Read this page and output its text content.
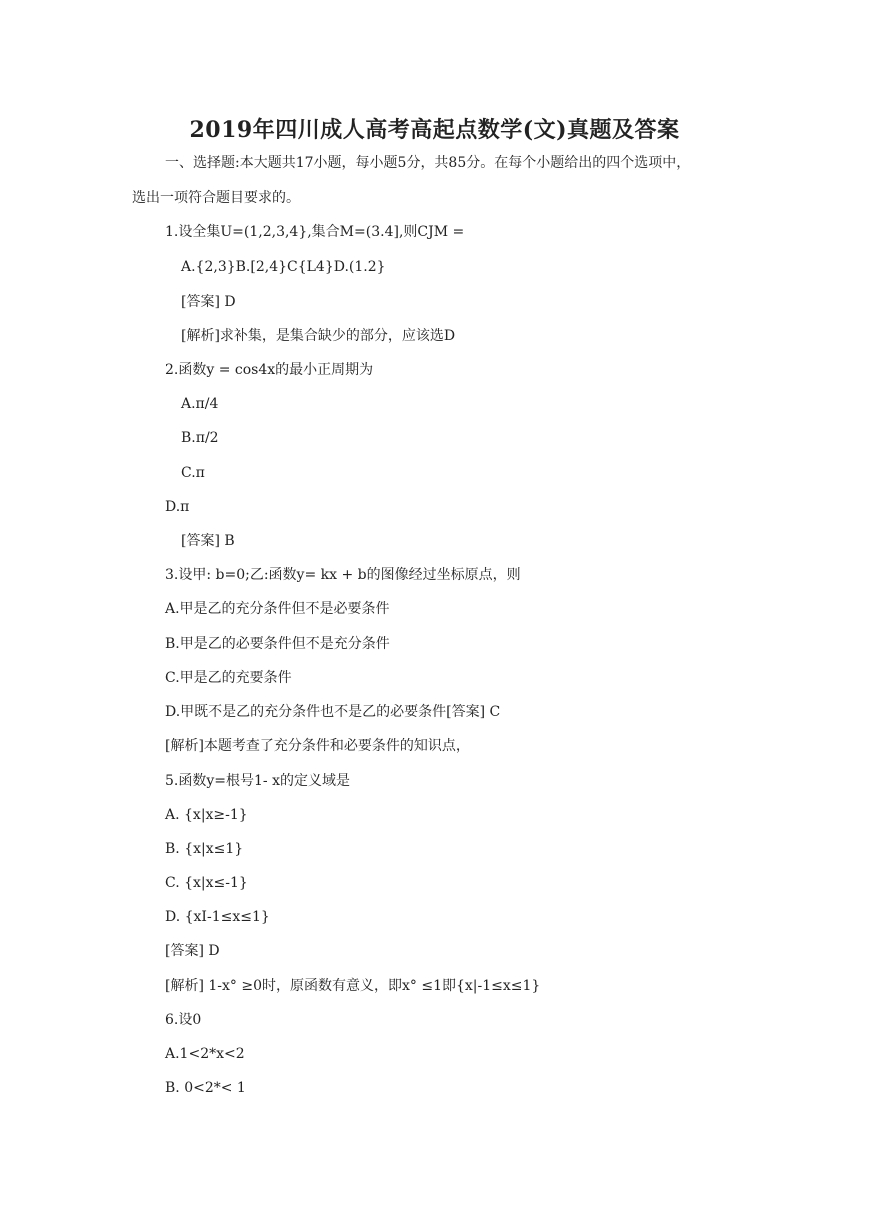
2019年四川成人高考高起点数学(文)真题及答案
一、选择题:本大题共17小题，每小题5分，共85分。在每个小题给出的四个选项中，
选出一项符合题目要求的。
1.设全集U=(1,2,3,4},集合M=(3.4],则CJM =
A.{2,3}B.[2,4}C{L4}D.(1.2}
[答案] D
[解析]求补集，是集合缺少的部分，应该选D
2.函数y = cos4x的最小正周期为
A.π/4
B.π/2
C.π
D.π
[答案] B
3.设甲: b=0;乙:函数y= kx + b的图像经过坐标原点，则
A.甲是乙的充分条件但不是必要条件
B.甲是乙的必要条件但不是充分条件
C.甲是乙的充要条件
D.甲既不是乙的充分条件也不是乙的必要条件[答案] C
[解析]本题考查了充分条件和必要条件的知识点，
5.函数y=根号1- x的定义域是
A. {x|x≥-1}
B. {x|x≤1}
C. {x|x≤-1}
D. {xI-1≤x≤1}
[答案] D
[解析] 1-x° ≥0时，原函数有意义，即x° ≤1即{x|-1≤x≤1}
6.设0
A.1<2*x<2
B. 0<2*< 1
